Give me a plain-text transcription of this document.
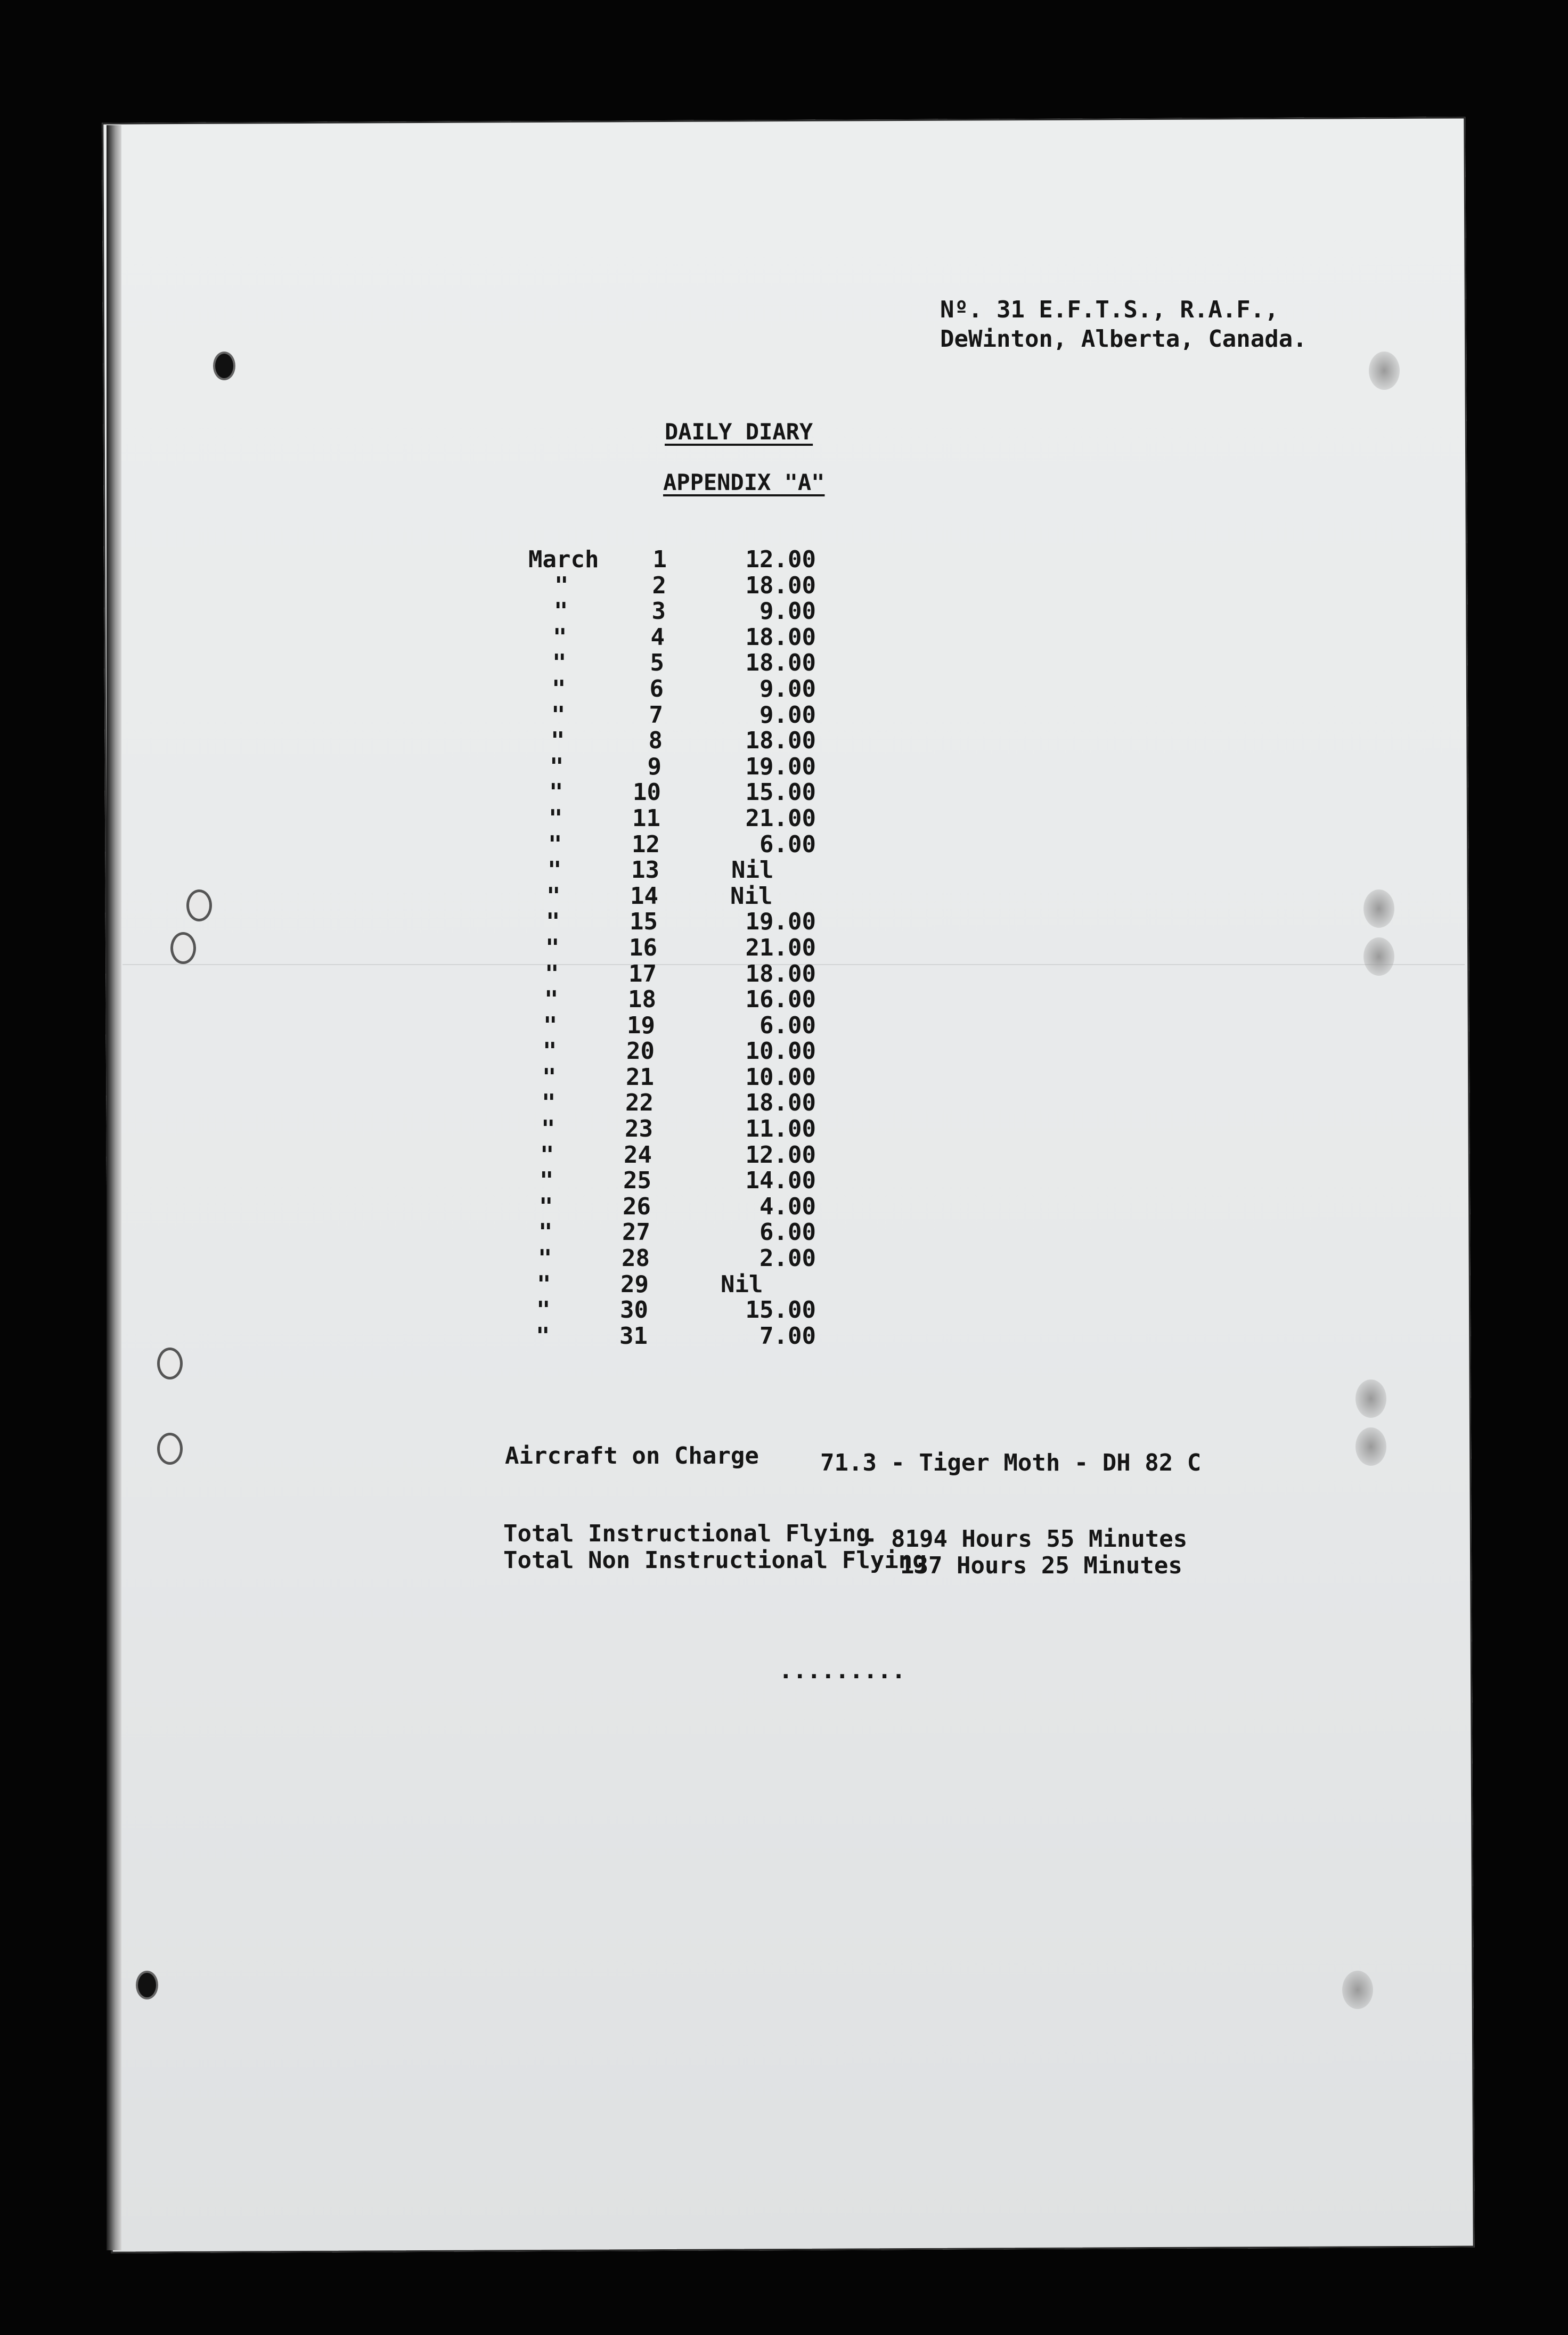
Nº. 31 E.F.T.S., R.A.F.,
DeWinton, Alberta, Canada.
DAILY DIARY
APPENDIX "A"
March	1	12.00
"	2	18.00
"	3	9.00
"	4	18.00
"	5	18.00
"	6	9.00
"	7	9.00
"	8	18.00
"	9	19.00
"	10	15.00
"	11	21.00
"	12	6.00
"	13	Nil
"	14	Nil
"	15	19.00
"	16	21.00
"	17	18.00
"	18	16.00
"	19	6.00
"	20	10.00
"	21	10.00
"	22	18.00
"	23	11.00
"	24	12.00
"	25	14.00
"	26	4.00
"	27	6.00
"	28	2.00
"	29	Nil
"	30	15.00
"	31	7.00
Aircraft on Charge	71.3 - Tiger Moth - DH 82 C
Total Instructional Flying
- 8194 Hours 55 Minutes
Total Non Instructional Flying
137 Hours 25 Minutes
.........
